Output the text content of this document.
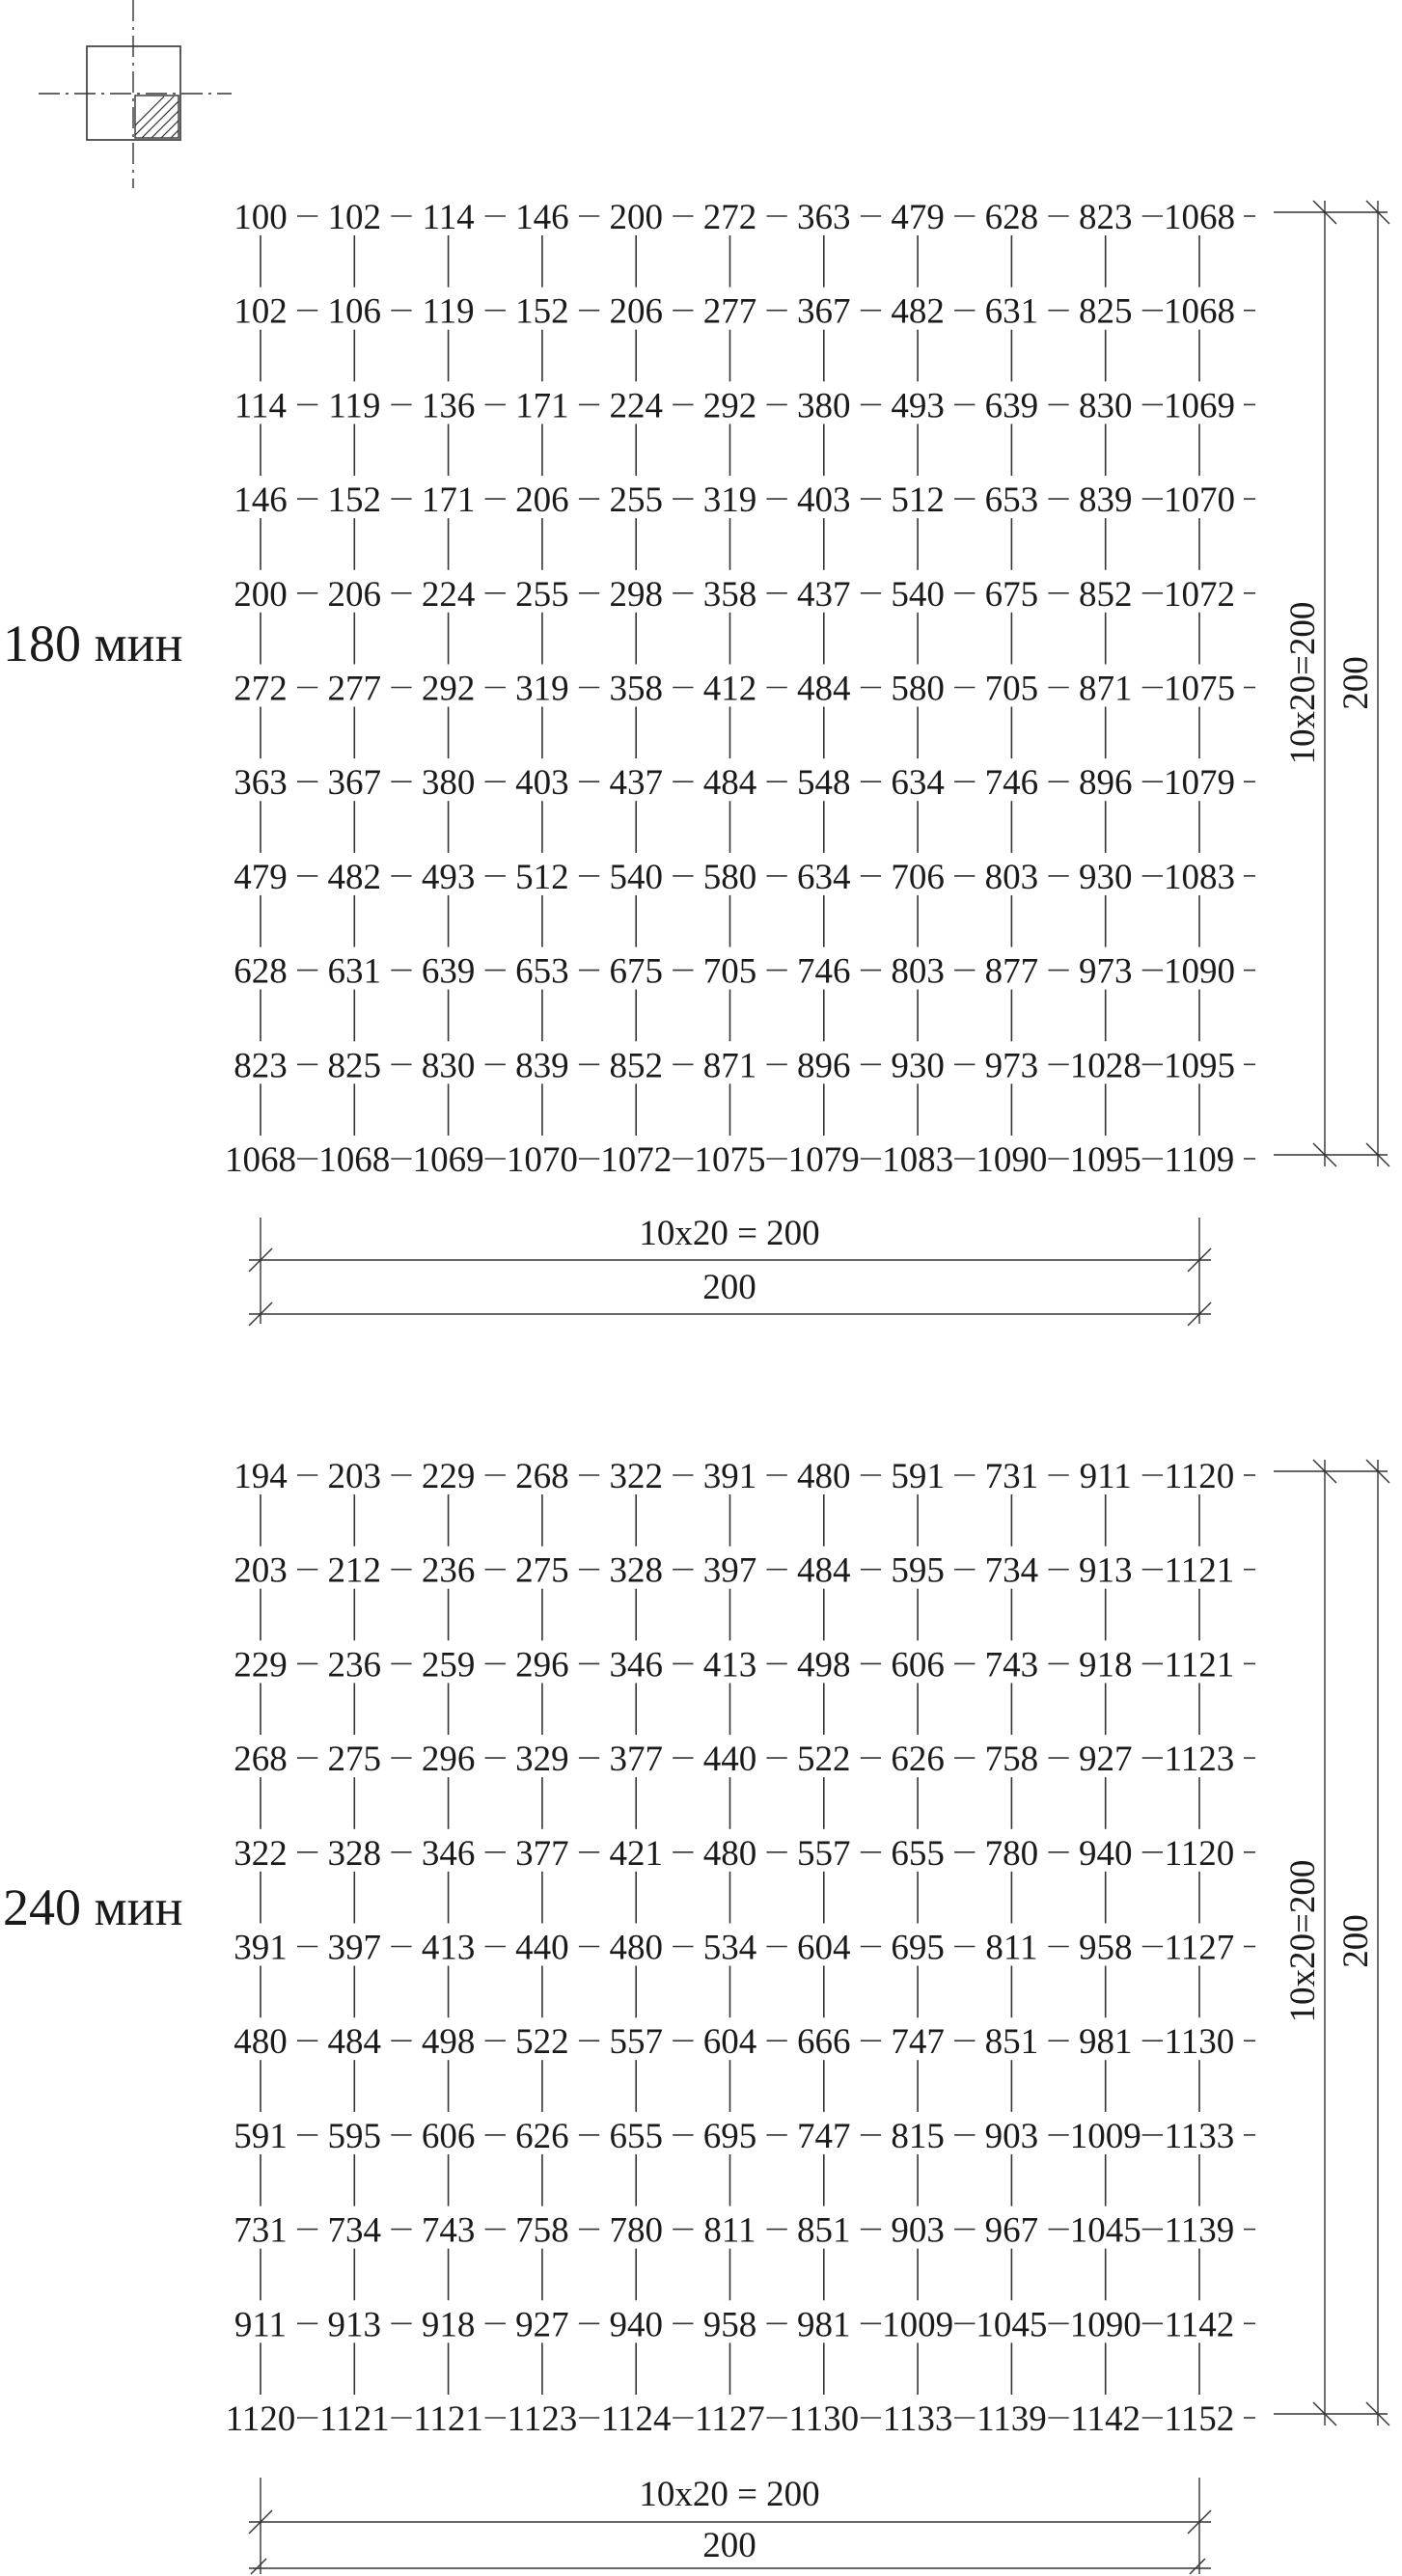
180 мин
100 102 114 146 200 272 363 479 628 823 1068
102 106 119 152 206 277 367 482 631 825 1068
114 119 136 171 224 292 380 493 639 830 1069
146 152 171 206 255 319 403 512 653 839 1070
200 206 224 255 298 358 437 540 675 852 1072
272 277 292 319 358 412 484 580 705 871 1075
363 367 380 403 437 484 548 634 746 896 1079
479 482 493 512 540 580 634 706 803 930 1083
628 631 639 653 675 705 746 803 877 973 1090
823 825 830 839 852 871 896 930 973 1028 1095
1068 1068 1069 1070 1072 1075 1079 1083 1090 1095 1109
10x20 = 200
200
10x20=200 200
240 мин
194 203 229 268 322 391 480 591 731 911 1120
203 212 236 275 328 397 484 595 734 913 1121
229 236 259 296 346 413 498 606 743 918 1121
268 275 296 329 377 440 522 626 758 927 1123
322 328 346 377 421 480 557 655 780 940 1120
391 397 413 440 480 534 604 695 811 958 1127
480 484 498 522 557 604 666 747 851 981 1130
591 595 606 626 655 695 747 815 903 1009 1133
731 734 743 758 780 811 851 903 967 1045 1139
911 913 918 927 940 958 981 1009 1045 1090 1142
1120 1121 1121 1123 1124 1127 1130 1133 1139 1142 1152
10x20 = 200
200
10x20=200 200
